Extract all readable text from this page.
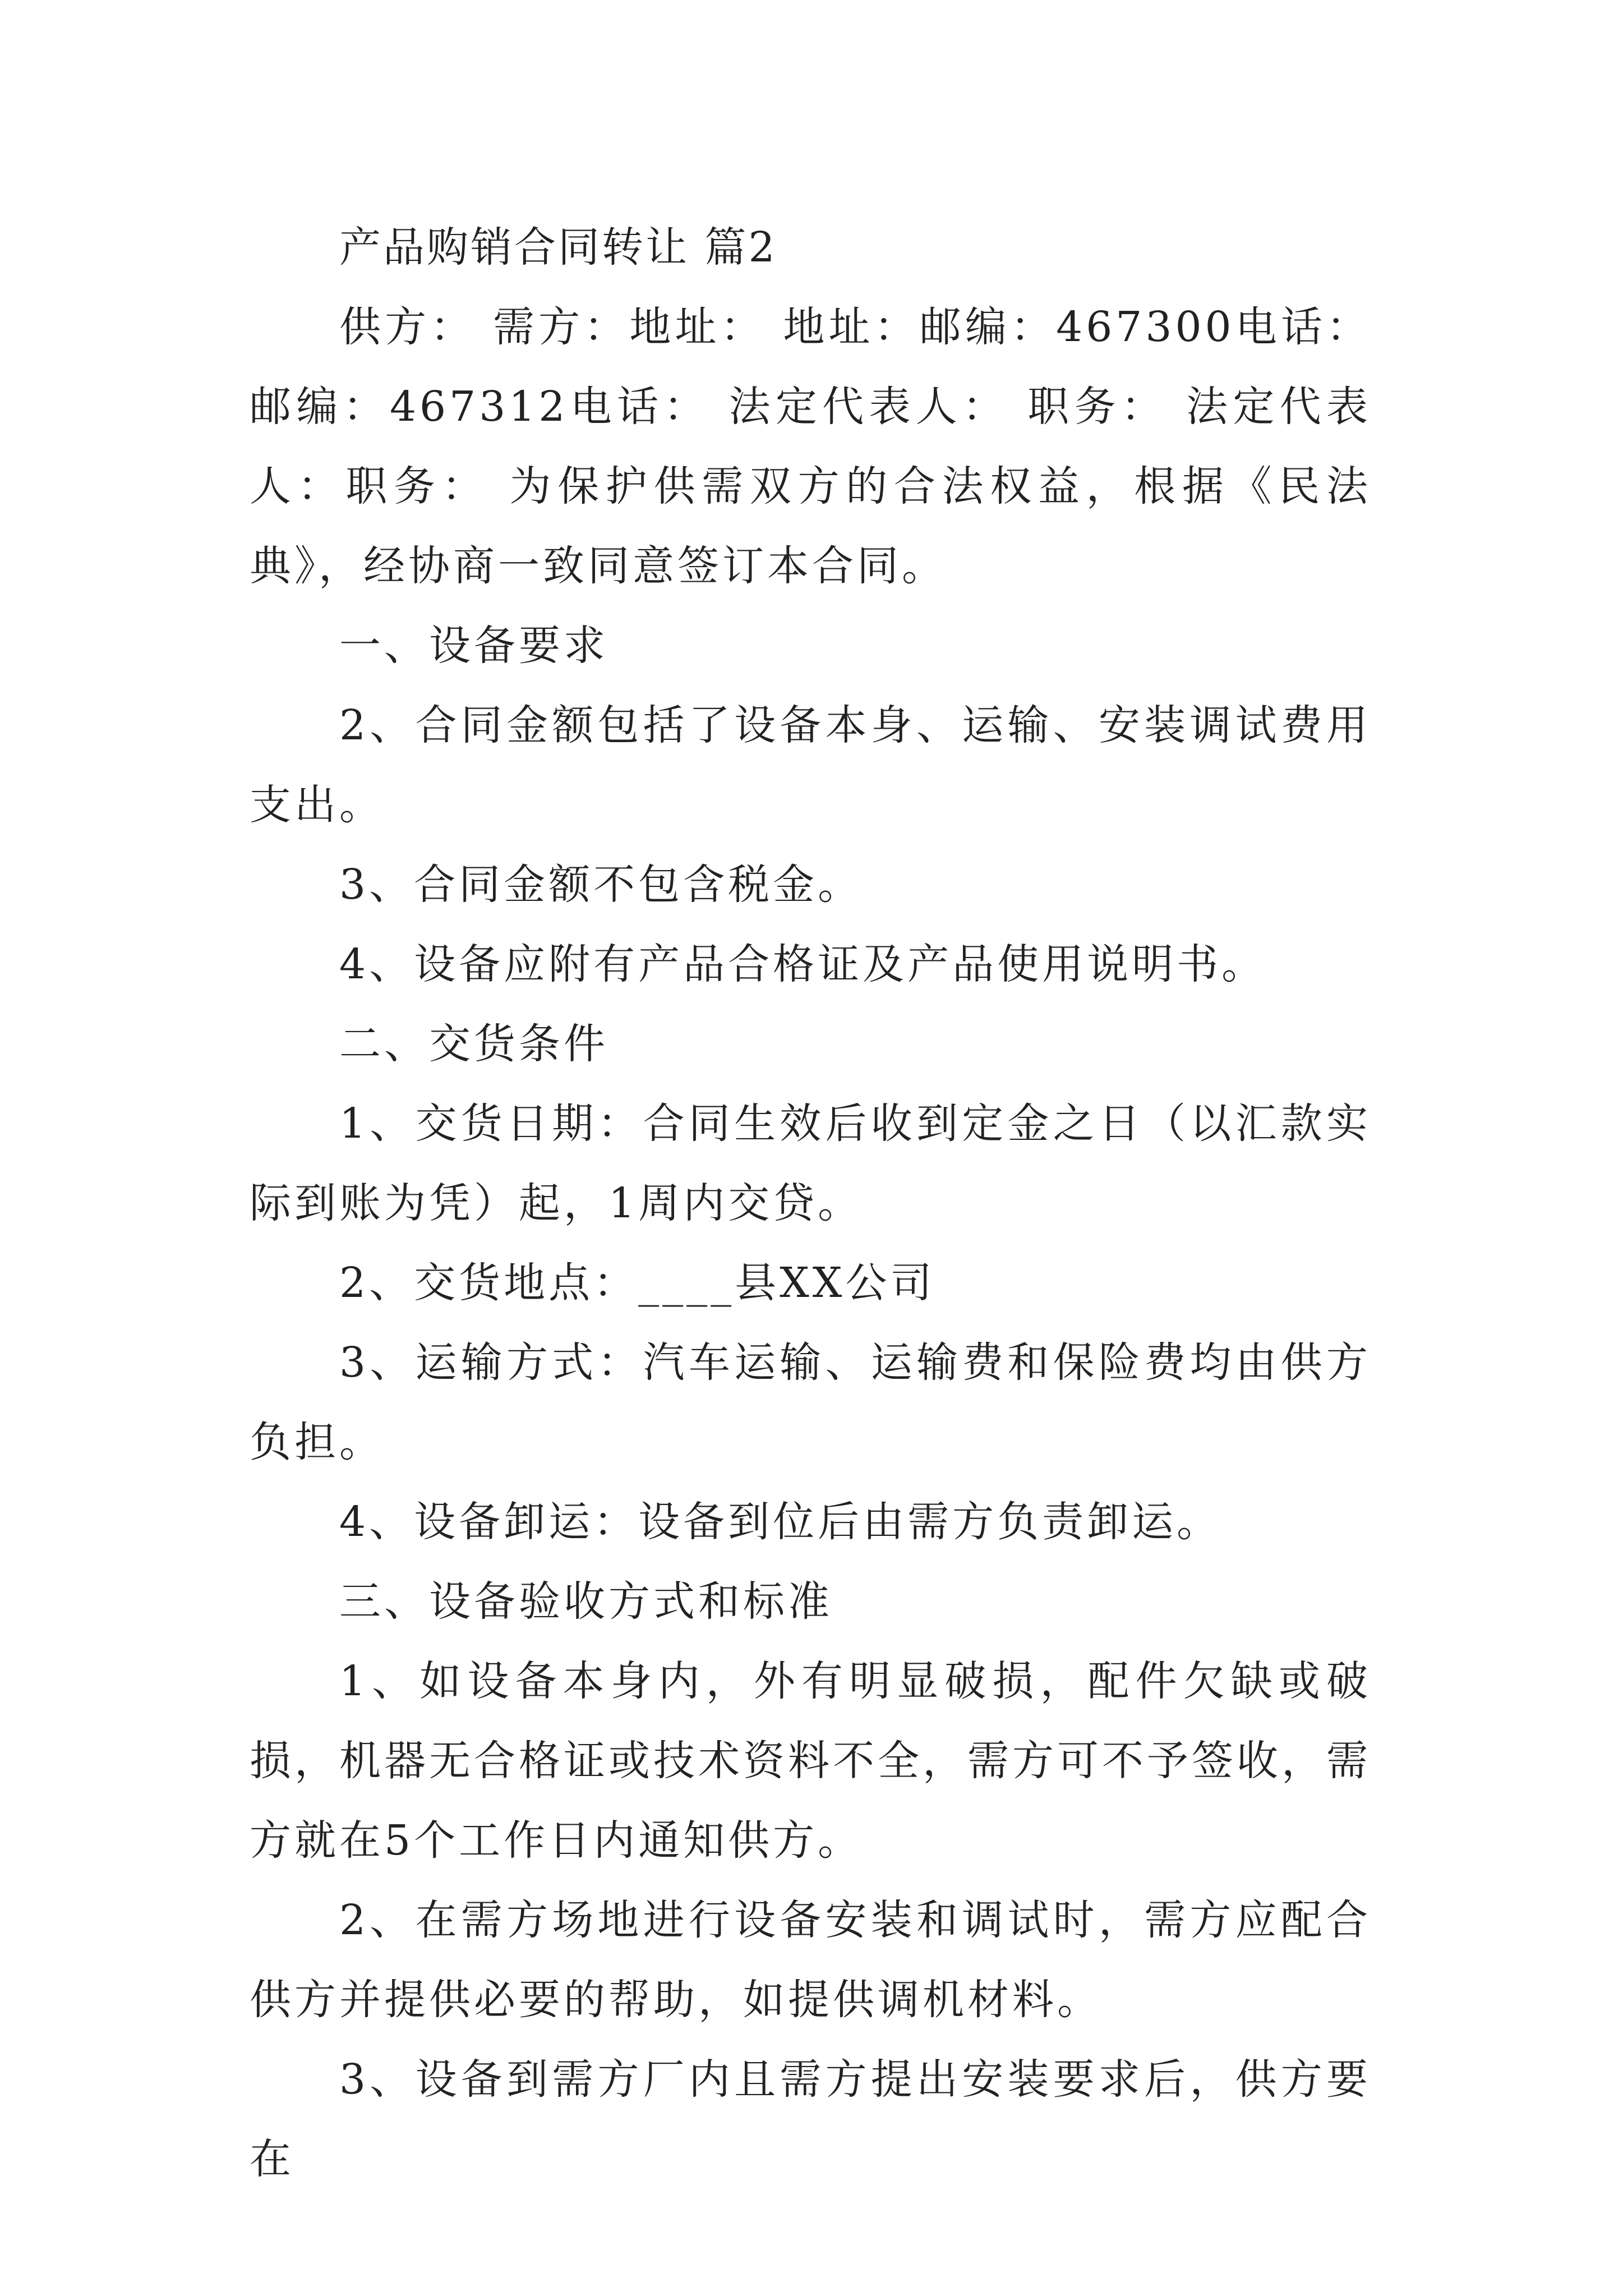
产品购销合同转让 篇2

供方： 需方：地址： 地址：邮编：467300电话： 邮编：467312电话： 法定代表人： 职务： 法定代表人：职务： 为保护供需双方的合法权益，根据《民法典》，经协商一致同意签订本合同。

一、设备要求

2、合同金额包括了设备本身、运输、安装调试费用支出。

3、合同金额不包含税金。

4、设备应附有产品合格证及产品使用说明书。

二、交货条件

1、交货日期：合同生效后收到定金之日（以汇款实际到账为凭）起，1周内交贷。

2、交货地点：____县XX公司

3、运输方式：汽车运输、运输费和保险费均由供方负担。

4、设备卸运：设备到位后由需方负责卸运。

三、设备验收方式和标准

1、如设备本身内，外有明显破损，配件欠缺或破损，机器无合格证或技术资料不全，需方可不予签收，需方就在5个工作日内通知供方。

2、在需方场地进行设备安装和调试时，需方应配合供方并提供必要的帮助，如提供调机材料。

3、设备到需方厂内且需方提出安装要求后，供方要在
